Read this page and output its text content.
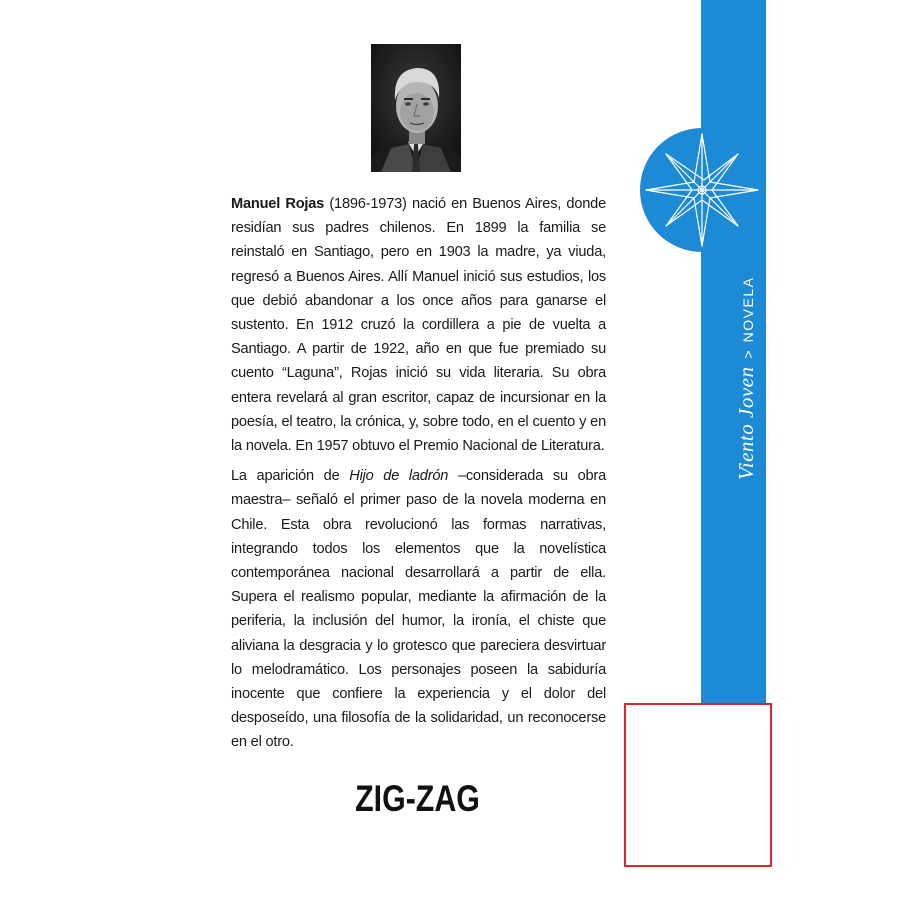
Viento Joven
>
NOVELA

Manuel Rojas (1896-1973) nació en Buenos Aires, donde residían sus padres chilenos. En 1899 la familia se reinstaló en Santiago, pero en 1903 la madre, ya viuda, regresó a Buenos Aires. Allí Manuel inició sus estudios, los que debió abandonar a los once años para ganarse el sustento. En 1912 cruzó la cordillera a pie de vuelta a Santiago. A partir de 1922, año en que fue premiado su cuento “Laguna”, Rojas inició su vida literaria. Su obra entera revelará al gran escritor, capaz de incursionar en la poesía, el teatro, la crónica, y, sobre todo, en el cuento y en la novela. En 1957 obtuvo el Premio Nacional de Literatura.

La aparición de Hijo de ladrón –considerada su obra maestra– señaló el primer paso de la novela moderna en Chile. Esta obra revolucionó las formas narrativas, integrando todos los elementos que la novelística contemporánea nacional desarrollará a partir de ella. Supera el realismo popular, mediante la afirmación de la periferia, la inclusión del humor, la ironía, el chiste que aliviana la desgracia y lo grotesco que pareciera desvirtuar lo melodramático. Los personajes poseen la sabiduría inocente que confiere la experiencia y el dolor del desposeído, una filosofía de la solidaridad, un reconocerse en el otro.

ZIG-ZAG
